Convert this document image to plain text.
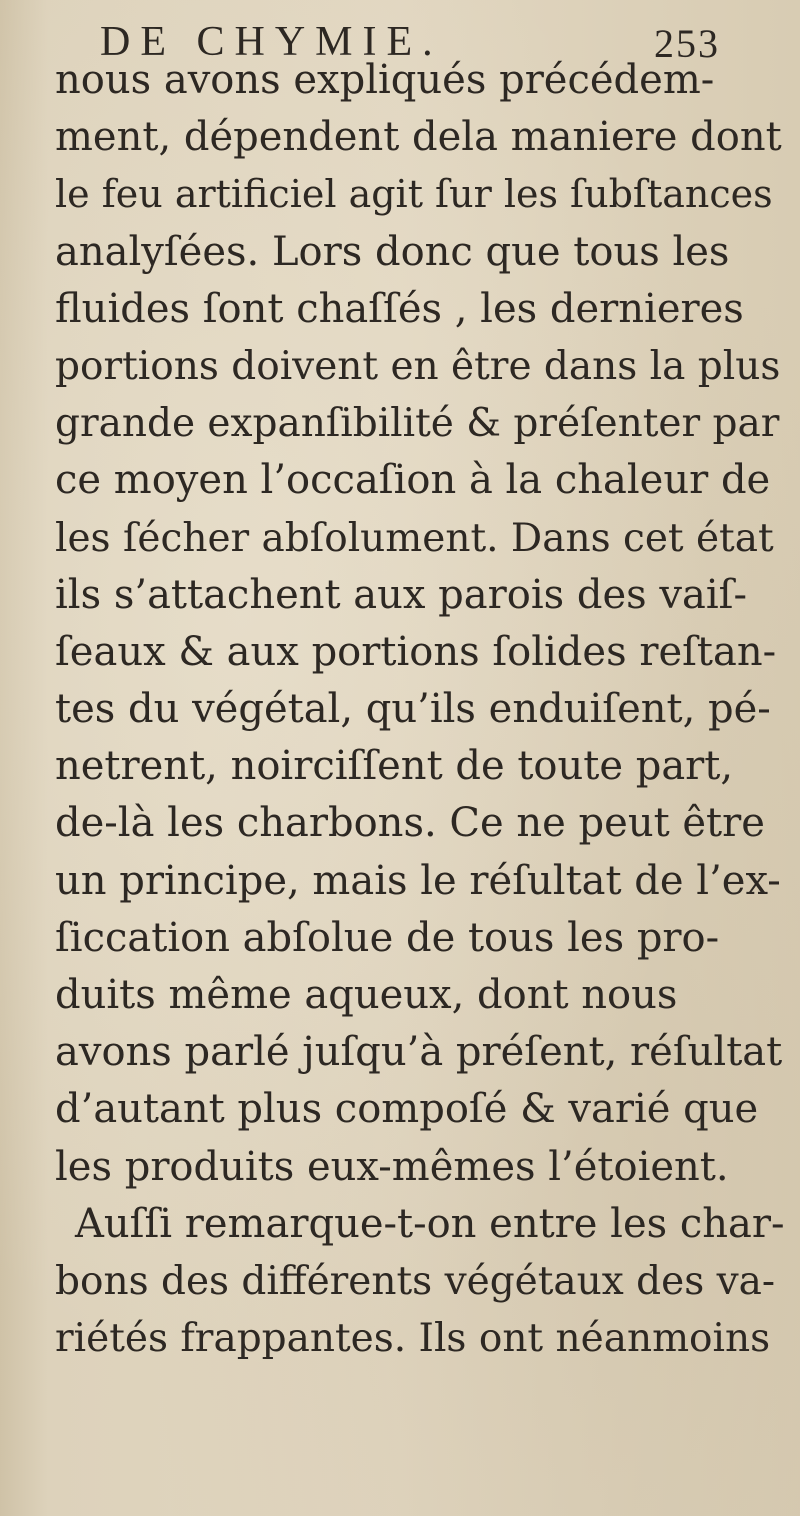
DE CHYMIE.	253
nous avons expliqués précédem-
ment, dépendent dela maniere dont
le feu artificiel agit ſur les ſubſtances
analyſées. Lors donc que tous les
fluides ſont chaſſés , les dernieres
portions doivent en être dans la plus
grande expanſibilité & préſenter par
ce moyen l’occaſion à la chaleur de
les ſécher abſolument. Dans cet état
ils s’attachent aux parois des vaiſ-
ſeaux & aux portions ſolides reſtan-
tes du végétal, qu’ils enduiſent, pé-
netrent, noirciſſent de toute part,
de-là les charbons. Ce ne peut être
un principe, mais le réſultat de l’ex-
ſiccation abſolue de tous les pro-
duits même aqueux, dont nous
avons parlé juſqu’à préſent, réſultat
d’autant plus compoſé & varié que
les produits eux-mêmes l’étoient.
Auſſi remarque-t-on entre les char-
bons des différents végétaux des va-
riétés frappantes. Ils ont néanmoins
